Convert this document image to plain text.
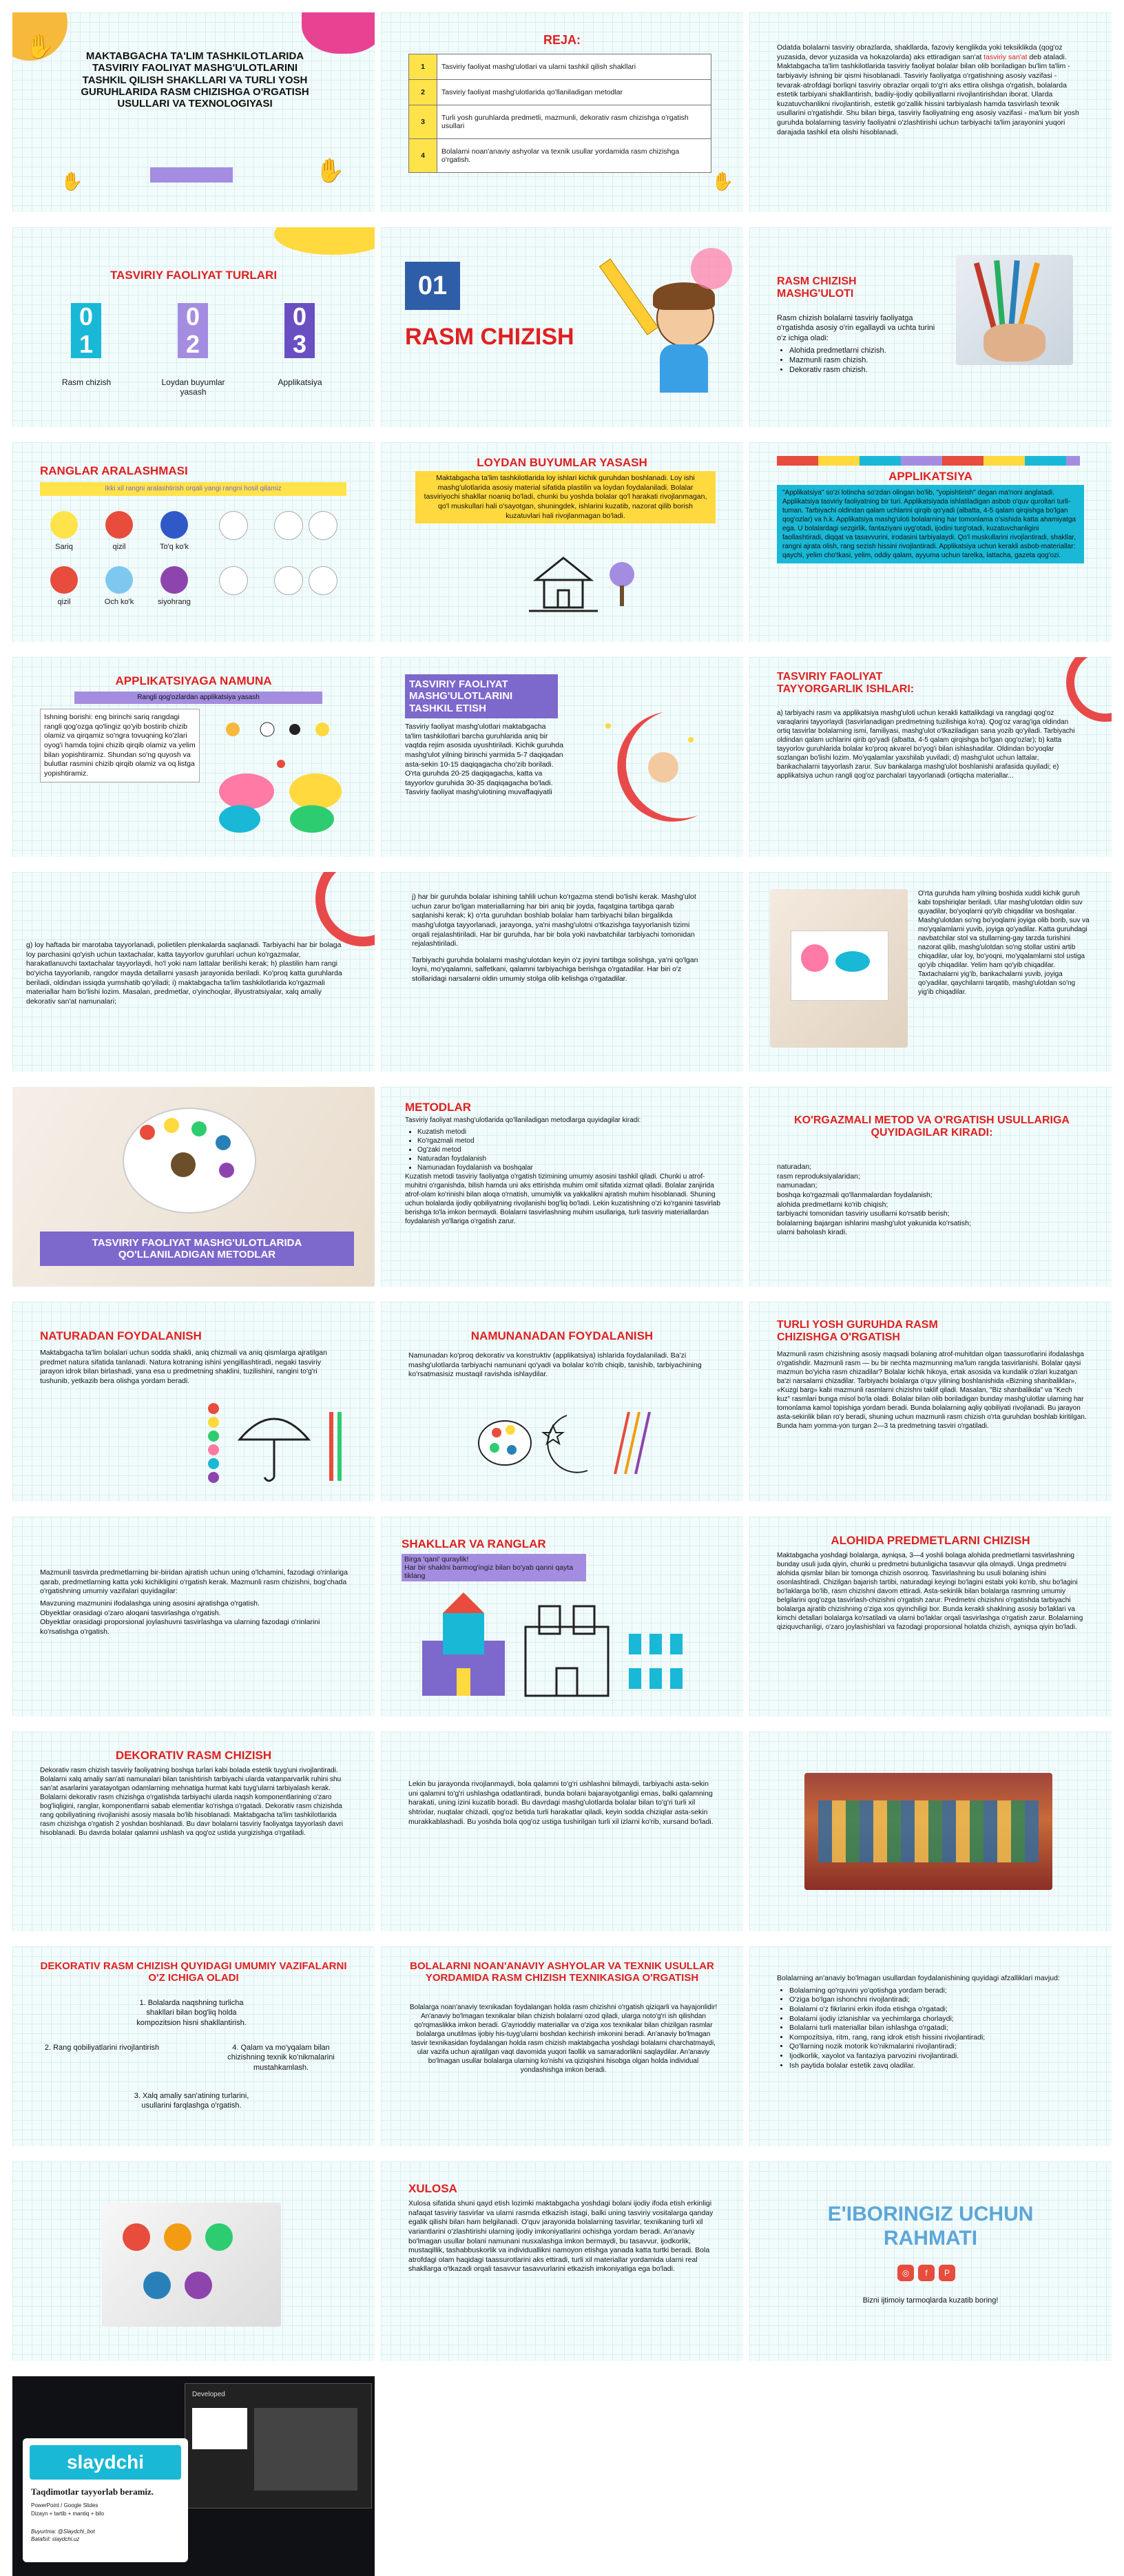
✋
✋
✋
MAKTABGACHA TA'LIM TASHKILOTLARIDA TASVIRIY FAOLIYAT MASHG'ULOTLARINI TASHKIL QILISH SHAKLLARI VA TURLI YOSH GURUHLARIDA RASM CHIZISHGA O'RGATISH USULLARI VA TEXNOLOGIYASI
REJA:
1	Tasviriy faoliyat mashg'ulotlari va ularni tashkil qilish shakllari
2	Tasviriy faoliyat mashg'ulotlarida qo'llaniladigan metodlar
3	Turli yosh guruhlarda predmetli, mazmunli, dekorativ rasm chizishga o'rgatish usullari
4	Bolalarni noan'anaviy ashyolar va texnik usullar yordamida rasm chizishga o'rgatish.
✋
Odatda bolalarni tasviriy obrazlarda, shakllarda, fazoviy kenglikda yoki teksiklikda (qog'oz yuzasida, devor yuzasida va hokazolarda) aks ettiradigan san'at tasviriy san'at deb ataladi. Maktabgacha ta'lim tashkilotlarida tasviriy faoliyat bolalar bilan olib boriladigan bu'lim ta'lim - tarbiyaviy ishning bir qismi hisoblanadi. Tasviriy faoliyatga o'rgatishning asosiy vazifasi - tevarak-atrofdagi borliqni tasviriy obrazlar orqali to'g'ri aks ettira olishga o'rgatish, bolalarda estetik tarbiyani shakllantirish, badiiy-ijodiy qobiliyatlarni rivojlantirishdan iborat. Ularda kuzatuvchanlikni rivojlantirish, estetik go'zallik hissini tarbiyalash hamda tasvirlash texnik usullarini o'rgatishdir. Shu bilan birga, tasviriy faoliyatning eng asosiy vazifasi - ma'lum bir yosh guruhda bolalarning tasviriy faoliyatni o'zlashtirishi uchun tarbiyachi ta'lim jarayonini yuqori darajada tashkil eta olishi hisoblanadi.
TASVIRIY FAOLIYAT TURLARI
0
1
0
2
0
3
Rasm chizish	Loydan buyumlar yasash
Applikatsiya
01
RASM CHIZISH
RASM CHIZISH MASHG'ULOTI

Rasm chizish bolalarni tasviriy faoliyatga o'rgatishda asosiy o'rin egallaydi va uchta turini o'z ichiga oladi:

• Alohida predmetlarni chizish.
• Mazmunli rasm chizish.
• Dekorativ rasm chizish.
RANGLAR ARALASHMASI
Ikki xil rangni aralashtirish orqali yangi rangni hosil qilamiz
Sariq	qizil	To'q ko'k
qizil	Och ko'k	siyohrang
LOYDAN BUYUMLAR YASASH
Maktabgacha ta'lim tashkilotlarida loy ishlari kichik guruhdan boshlanadi. Loy ishi mashg'ulotlarida asosiy material sifatida plastilin va loydan foydalaniladi. Bolalar tasviriyochi shakllar noaniq bo'ladi, chunki bu yoshda bolalar qo'l harakati rivojlanmagan, qo'l muskullari hali o'sayotgan, shuningdek, ishlarini kuzatib, nazorat qilib borish kuzatuvlari hali rivojlanmagan bo'ladi.
APPLIKATSIYA
"Applikatsiya" so'zi lotincha so'zdan olingan bo'lib, "yopishtirish" degan ma'noni anglatadi. Applikatsiya tasviriy faoliyatning bir turi. Applikatsiyada ishlatiladigan asbob o'quv qurollari turli-tuman. Tarbiyachi oldindan qalam uchlarini qirqib qo'yadi (albatta, 4-5 qalam qirqishga bo'lgan qog'ozlar) va h.k. Applikatsiya mashg'uloti bolalarning har tomonlama o'sishida katta ahamiyatga ega. U bolalardagi sezgirlik, fantaziyani uyg'otadi, ijodini turg'otadi, kuzatuvchanligini faollashtiradi, diqqat va tasavvurini, irodasini tarbiyalaydi. Qo'l muskullarini rivojlantiradi, shakllar, rangni ajrata olish, rang sezish hissini rivojlantiradi. Applikatsiya uchun kerakli asbob-materiallar: qaychi, yelim cho'tkasi, yelim, oddiy qalam, ayyuma uchun tarelka, lattacha, gazeta qog'ozi.
APPLIKATSIYAGA NAMUNA
Rangli qog'ozlardan applikatsiya yasash
Ishning borishi: eng birinchi sariq rangdagi rangli qog'ozga qo'lingiz qo'yib bostirib chizib olamiz va qirqamiz so'ngra tovuqning ko'zlari oyog'i hamda tojini chizib qirqib olamiz va yelim bilan yopishtiramiz. Shundan so'ng quyosh va bulutlar rasmini chizib qirqib olamiz va oq listga yopishtiramiz.
TASVIRIY FAOLIYAT MASHG'ULOTLARINI TASHKIL ETISH
Tasviriy faoliyat mashg'ulotlari maktabgacha ta'lim tashkilotlari barcha guruhlarida aniq bir vaqtda rejim asosida uyushtiriladi. Kichik guruhda mashg'ulot yilning birinchi yarmida 5-7 daqiqadan asta-sekin 10-15 daqiqagacha cho'zib boriladi. O'rta guruhda 20-25 daqiqagacha, katta va tayyorlov guruhida 30-35 daqiqagacha bo'ladi. Tasviriy faoliyat mashg'ulotining muvaffaqiyatli
TASVIRIY FAOLIYAT TAYYORGARLIK ISHLARI:
a) tarbiyachi rasm va applikatsiya mashg'uloti uchun kerakli kattalikdagi va rangdagi qog'oz varaqlarini tayyorlaydi (tasvirlanadigan predmetning tuzilishiga ko'ra). Qog'oz varag'iga oldindan ortiq tasvirlar bolalarning ismi, familiyasi, mashg'ulot o'tkaziladigan sana yozib qo'yiladi. Tarbiyachi oldindan qalam uchlarini qirib qo'yadi (albatta, 4-5 qalam qirqishga bo'lgan qog'ozlar); b) katta tayyorlov guruhlarida bolalar ko'proq akvarel bo'yog'i bilan ishlashadilar. Oldindan bo'yoqlar sozlangan bo'lishi lozim. Mo'yqalamlar yaxshilab yuviladi; d) mashg'ulot uchun lattalar, bankachalarni tayyorlash zarur. Suv bankalarga mashg'ulot boshlanishi arafasida quyiladi; e) applikatsiya uchun rangli qog'oz parchalari tayyorlanadi (ortiqcha materiallar...
g) loy haftada bir marotaba tayyorlanadi, polietilen plenkalarda saqlanadi. Tarbiyachi har bir bolaga loy parchasini qo'yish uchun taxtachalar, katta tayyorlov guruhlari uchun ko'rgazmalar, harakatlanuvchi taxtachalar tayyorlaydi, ho'l yoki nam lattalar berilishi kerak; h) plastilin ham rangi bo'yicha tayyorlanib, rangdor mayda detallarni yasash jarayonida beriladi. Ko'proq katta guruhlarda beriladi, oldindan issiqda yumshatib qo'yiladi; i) maktabgacha ta'lim tashkilotlarida ko'rgazmali materiallar ham bo'lishi lozim. Masalan, predmetlar, o'yinchoqlar, illyustratsiyalar, xalq amaliy dekorativ san'at namunalari;

j) har bir guruhda bolalar ishining tahlili uchun ko'rgazma stendi bo'lishi kerak. Mashg'ulot uchun zarur bo'lgan materiallarning har biri aniq bir joyda, faqatgina tartibga qarab saqlanishi kerak; k) o'rta guruhdan boshlab bolalar ham tarbiyachi bilan birgalikda mashg'ulotga tayyorlanadi, jarayonga, ya'ni mashg'ulotni o'tkazishga tayyorlanish tizimi orqali rejalashtiriladi. Har bir guruhda, har bir bola yoki navbatchilar tarbiyachi tomonidan rejalashtiriladi.

Tarbiyachi guruhda bolalarni mashg'ulotdan keyin o'z joyini tartibga solishga, ya'ni qo'lgan loyni, mo'yqalamni, salfetkani, qalamni tarbiyachiga berishga o'rgatadilar. Har biri o'z stollaridagi narsalarni oldin umumiy stolga olib kelishga o'rgatadilar.

O'rta guruhda ham yilning boshida xuddi kichik guruh kabi topshiriqlar beriladi. Ular mashg'ulotdan oldin suv quyadilar, bo'yoqlarni qo'yib chiqadilar va boshqalar. Mashg'ulotdan so'ng bo'yoqlarni joyiga olib borib, suv va mo'yqalamlarni yuvib, joyiga qo'yadilar. Katta guruhdagi navbatchilar stol va stullarning-gay tarzda turishini nazorat qilib, mashg'ulotdan so'ng stollar ustini artib chiqadilar, ular loy, bo'yoqni, mo'yqalamlarni stol ustiga qo'yib chiqadilar. Yelim ham qo'yib chiqadilar. Taxtachalarni yig'ib, bankachalarni yuvib, joyiga qo'yadilar, qaychilarni tarqatib, mashg'ulotdan so'ng yig'ib chiqadilar.
TASVIRIY FAOLIYAT MASHG'ULOTLARIDA QO'LLANILADIGAN METODLAR
METODLAR

Tasviriy faoliyat mashg'ulotlarida qo'llaniladigan metodlarga quyidagilar kiradi:

• Kuzatish metodi
• Ko'rgazmali metod
• Og'zaki metod
• Naturadan foydalanish
• Namunadan foydalanish va boshqalar

Kuzatish metodi tasviriy faoliyatga o'rgatish tizimining umumiy asosini tashkil qiladi. Chunki u atrof-muhitni o'rganishda, bilish hamda uni aks ettirishda muhim omil sifatida xizmat qiladi. Bolalar zanjirida atrof-olam ko'rinishi bilan aloqa o'rnatish, umumiylik va yakkalikni ajratish muhim hisoblanadi. Shuning uchun bolalarda ijodiy qobiliyatning rivojlanishi bog'liq bo'ladi. Lekin kuzatishning o'zi ko'rganini tasvirlab berishga to'la imkon bermaydi. Bolalarni tasvirlashning muhim usullariga, turli tasviriy materiallardan foydalanish yo'llariga o'rgatish zarur.

KO'RGAZMALI METOD VA O'RGATISH USULLARIGA QUYIDAGILAR KIRADI:
naturadan;
rasm reproduksiyalaridan;
namunadan;
boshqa ko'rgazmali qo'llanmalardan foydalanish;
alohida predmetlarni ko'rib chiqish;
tarbiyachi tomonidan tasviriy usullarni ko'rsatib berish;
bolalarning bajargan ishlarini mashg'ulot yakunida ko'rsatish;
ularni baholash kiradi.
NATURADAN FOYDALANISH
Maktabgacha ta'lim bolalari uchun sodda shakli, aniq chizmali va aniq qismlarga ajratilgan predmet natura sifatida tanlanadi. Natura kotraning ishini yengillashtiradi, negaki tasviriy jarayon idrok bilan birlashadi, yana esa u predmetning shaklini, tuzilishini, rangini to'g'ri tushunib, yetkazib bera olishga yordam beradi.
NAMUNANADAN FOYDALANISH
Namunadan ko'proq dekorativ va konstruktiv (applikatsiya) ishlarida foydalaniladi. Ba'zi mashg'ulotlarda tarbiyachi namunani qo'yadi va bolalar ko'rib chiqib, tanishib, tarbiyachining ko'rsatmasisiz mustaqil ravishda ishlaydilar.
TURLI YOSH GURUHDA RASM CHIZISHGA O'RGATISH
Mazmunli rasm chizishning asosiy maqsadi bolaning atrof-muhitdan olgan taassurotlarini ifodalashga o'rgatishdir. Mazmunli rasm — bu bir nechta mazmunning ma'lum rangda tasvirlanishi. Bolalar qaysi mazmun bo'yicha rasm chizadilar? Bolalar kichik hikoya, ertak asosida va kundalik o'zlari kuzatgan ba'zi narsalarni chizadilar. Tarbiyachi bolalarga o'quv yilining boshlanishida «Bizning shanbaliklar», «Kuzgi barg» kabi mazmunli rasmlarni chizishni taklif qiladi. Masalan, "Biz shanbalikda" va "Kech kuz" rasmlari bunga misol bo'la oladi. Bolalar bilan olib boriladigan bunday mashg'ulotlar ularning har tomonlama kamol topishiga yordam beradi. Bunda bolalarning aqliy qobiliyati rivojlanadi. Bu jarayon asta-sekinlik bilan ro'y beradi, shuning uchun mazmunli rasm chizish o'rta guruhdan boshlab kiritilgan. Bunda ham yomma-yon turgan 2—3 ta predmetning tasviri o'rgatiladi.

Mazmunli tasvirda predmetlarning bir-biridan ajratish uchun uning o'lchamini, fazodagi o'rinlariga qarab, predmetlarning katta yoki kichikligini o'rgatish kerak. Mazmunli rasm chizishni, bog'chada o'rgatishning umumiy vazifalari quyidagilar:

Mavzuning mazmunini ifodalashga uning asosini ajratishga o'rgatish.
Obyektlar orasidagi o'zaro aloqani tasvirlashga o'rgatish.
Obyektlar orasidagi proporsional joylashuvni tasvirlashga va ularning fazodagi o'rinlarini ko'rsatishga o'rgatish.
SHAKLLAR VA RANGLAR
Birga 'qani' quraylik!
Har bir shaklni barmog'ingiz bilan bo'yab qanni qayta tiklang
ALOHIDA PREDMETLARNI CHIZISH
Maktabgacha yoshdagi bolalarga, ayniqsa, 3—4 yoshli bolaga alohida predmetlarni tasvirlashning bunday usuli juda qiyin, chunki u predmetni butunligicha tasavvur qila olmaydi. Unga predmetni alohida qismlar bilan bir tomonga chizish osonroq. Tasvirlashning bu usuli bolaning ishini osonlashtiradi. Chizilgan bajarish tartibi, naturadagi keyingi bo'lagini estabi yoki ko'rib, shu bo'lagini bo'laklarga bo'lib, rasm chizishni davom ettiradi. Asta-sekinlik bilan bolalarga rasmning umumiy belgilarini qog'ozga tasvirlash-chizishni o'rgatish zarur. Predmetni chizishni o'rgatishda tarbiyachi bolalarga ajratib chizishning o'ziga xos qiyinchiligi bor. Bunda kerakli shaklning asosiy bo'laklari va kimchi detallari bolalarga ko'rsatiladi va ularni bo'laklar orqali tasvirlashga o'rgatish zarur. Bolalarning qiziquvchanligi, o'zaro joylashishlari va fazodagi proporsional holatda chizish, ayniqsa qiyin bo'ladi.
DEKORATIV RASM CHIZISH
Dekorativ rasm chizish tasviriy faoliyatning boshqa turlari kabi bolada estetik tuyg'uni rivojlantiradi. Bolalarni xalq amaliy san'ati namunalari bilan tanishtirish tarbiyachi ularda vatanparvarlik ruhini shu san'at asarlarini yaratayotgan odamlarning mehnatiga hurmat kabi tuyg'ularni tarbiyalash kerak. Bolalarni dekorativ rasm chizishga o'rgatishda tarbiyachi ularda naqsh komponentlarining o'zaro bog'liqligini, ranglar, komponentlarni sabab elementlar ko'rishga o'rgatadi. Dekorativ rasm chizishda rang qobiliyatining rivojlanishi asosiy masala bo'lib hisoblanadi. Maktabgacha ta'lim tashkilotlarida rasm chizishga o'rgatish 2 yoshdan boshlanadi. Bu davr bolalarni tasviriy faoliyatga tayyorlash davri hisoblanadi. Bu davrda bolalar qalamni ushlash va qog'oz ustida yurgizishga o'rgatiladi.
Lekin bu jarayonda rivojlanmaydi, bola qalamni to'g'ri ushlashni bilmaydi, tarbiyachi asta-sekin uni qalamni to'g'ri ushlashga odatlantiradi, bunda bolani bajarayotganligi emas, balki qalamning harakati, uning izini kuzatib boradi. Bu davrdagi mashg'ulotlarda bolalar bilan to'g'ri turli xil shtrixlar, nuqtalar chizadi, qog'oz betida turli harakatlar qiladi, keyin sodda chiziqlar asta-sekin murakkablashadi. Bu yoshda bola qog'oz ustiga tushirilgan turli xil izlarni ko'rib, xursand bo'ladi.
DEKORATIV RASM CHIZISH QUYIDAGI UMUMIY VAZIFALARNI O'Z ICHIGA OLADI
1. Bolalarda naqshning turlicha shakllari bilan bog'liq holda kompozitsion hisni shakllantirish.
2. Rang qobiliyatlarini rivojlantirish	4. Qalam va mo'yqalam bilan chizishning texnik ko'nikmalarini mustahkamlash.
3. Xalq amaliy san'atining turlarini, usullarini farqlashga o'rgatish.
BOLALARNI NOAN'ANAVIY ASHYOLAR VA TEXNIK USULLAR YORDAMIDA RASM CHIZISH TEXNIKASIGA O'RGATISH
Bolalarga noan'anaviy texnikadan foydalangan holda rasm chizishni o'rgatish qiziqarli va hayajonlidir! An'anaviy bo'lmagan texnikalar bilan chizish bolalarni ozod qiladi, ularga noto'g'ri ish qilishdan qo'rqmaslikka imkon beradi. G'ayrioddiy materiallar va o'ziga xos texnikalar bilan chizilgan rasmlar bolalarga unutilmas ijobiy his-tuyg'ularni boshdan kechirish imkonini beradi. An'anaviy bo'lmagan tasvir texnikasidan foydalangan holda rasm chizish maktabgacha yoshdagi bolalarni charchatmaydi, ular vazifa uchun ajratilgan vaqt davomida yuqori faollik va samaradorlikni saqlaydilar. An'anaviy bo'lmagan usullar bolalarga ularning ko'nishi va qiziqishini hisobga olgan holda individual yondashishga imkon beradi.

Bolalarning an'anaviy bo'lmagan usullardan foydalanishining quyidagi afzalliklari mavjud:

• Bolalarning qo'rquvini yo'qotishga yordam beradi;
• O'ziga bo'lgan ishonchni rivojlantiradi;
• Bolalarni o'z fikrlarini erkin ifoda etishga o'rgatadi;
• Bolalarni ijodiy izlanishlar va yechimlarga chorlaydi;
• Bolalarni turli materiallar bilan ishlashga o'rgatadi;
• Kompozitsiya, ritm, rang, rang idrok etish hissini rivojlantiradi;
• Qo'llarning nozik motorik ko'nikmalarini rivojlantiradi;
• Ijodkorlik, xayolot va fantaziya parvozini rivojlantiradi.
• Ish paytida bolalar estetik zavq oladilar.
XULOSA
Xulosa sifatida shuni qayd etish lozimki maktabgacha yoshdagi bolani ijodiy ifoda etish erkinligi nafaqat tasviriy tasvirlar va ularni rasmda etkazish istagi, balki uning tasviriy vositalarga qanday egalik qilishi bilan ham belgilanadi. O'quv jarayonida bolalarning tasvirlar, texnikaning turli xil variantlarini o'zlashtirishi ularning ijodiy imkoniyatlarini ochishga yordam beradi. An'anaviy bo'lmagan usullar bolani namunani nusxalashga imkon bermaydi, bu tasavvur, ijodkorlik, mustaqillik, tashabbuskorlik va individuallikni namoyon etishga yanada katta turtki beradi. Bola atrofdagi olam haqidagi taassurotlarini aks ettiradi, turli xil materiallar yordamida ularni real shakllarga o'tkazadi orqali tasavvur tasavvurlarini etkazish imkoniyatiga ega bo'ladi.
E'IBORINGIZ UCHUN
RAHMATI
◎ f P
Bizni ijtimoiy tarmoqlarda kuzatib boring!
Developed
slaydchi
Taqdimotlar tayyorlab beramiz.
PowerPoint / Google Slides
Dizayn + tartib + mantiq + bilo
Buyurtma: @Slaydchi_bot
Batafsil: slaydchi.uz
